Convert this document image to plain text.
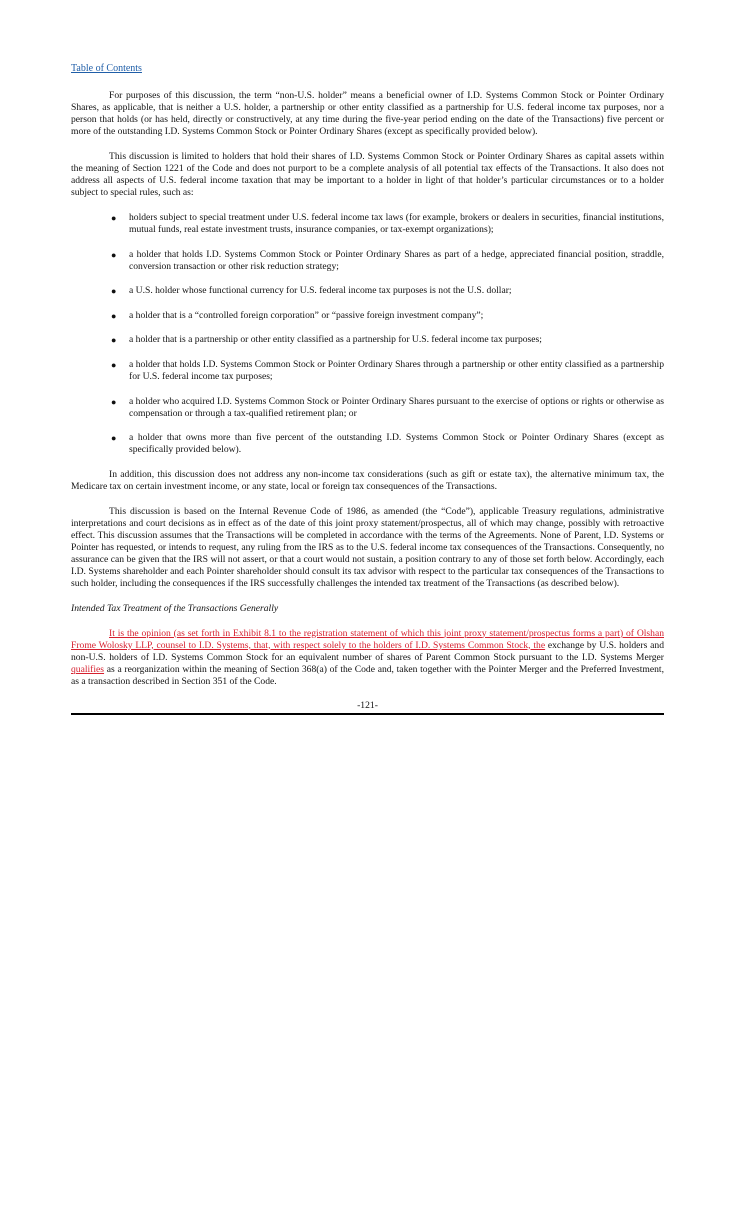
Table of Contents

For purposes of this discussion, the term “non-U.S. holder” means a beneficial owner of I.D. Systems Common Stock or Pointer Ordinary Shares, as applicable, that is neither a U.S. holder, a partnership or other entity classified as a partnership for U.S. federal income tax purposes, nor a person that holds (or has held, directly or constructively, at any time during the five-year period ending on the date of the Transactions) five percent or more of the outstanding I.D. Systems Common Stock or Pointer Ordinary Shares (except as specifically provided below).

This discussion is limited to holders that hold their shares of I.D. Systems Common Stock or Pointer Ordinary Shares as capital assets within the meaning of Section 1221 of the Code and does not purport to be a complete analysis of all potential tax effects of the Transactions. It also does not address all aspects of U.S. federal income taxation that may be important to a holder in light of that holder’s particular circumstances or to a holder subject to special rules, such as:

● holders subject to special treatment under U.S. federal income tax laws (for example, brokers or dealers in securities, financial institutions, mutual funds, real estate investment trusts, insurance companies, or tax-exempt organizations);
● a holder that holds I.D. Systems Common Stock or Pointer Ordinary Shares as part of a hedge, appreciated financial position, straddle, conversion transaction or other risk reduction strategy;
● a U.S. holder whose functional currency for U.S. federal income tax purposes is not the U.S. dollar;
● a holder that is a “controlled foreign corporation” or “passive foreign investment company”;
● a holder that is a partnership or other entity classified as a partnership for U.S. federal income tax purposes;
● a holder that holds I.D. Systems Common Stock or Pointer Ordinary Shares through a partnership or other entity classified as a partnership for U.S. federal income tax purposes;
● a holder who acquired I.D. Systems Common Stock or Pointer Ordinary Shares pursuant to the exercise of options or rights or otherwise as compensation or through a tax-qualified retirement plan; or
● a holder that owns more than five percent of the outstanding I.D. Systems Common Stock or Pointer Ordinary Shares (except as specifically provided below).

In addition, this discussion does not address any non-income tax considerations (such as gift or estate tax), the alternative minimum tax, the Medicare tax on certain investment income, or any state, local or foreign tax consequences of the Transactions.

This discussion is based on the Internal Revenue Code of 1986, as amended (the “Code”), applicable Treasury regulations, administrative interpretations and court decisions as in effect as of the date of this joint proxy statement/prospectus, all of which may change, possibly with retroactive effect. This discussion assumes that the Transactions will be completed in accordance with the terms of the Agreements. None of Parent, I.D. Systems or Pointer has requested, or intends to request, any ruling from the IRS as to the U.S. federal income tax consequences of the Transactions. Consequently, no assurance can be given that the IRS will not assert, or that a court would not sustain, a position contrary to any of those set forth below. Accordingly, each I.D. Systems shareholder and each Pointer shareholder should consult its tax advisor with respect to the particular tax consequences of the Transactions to such holder, including the consequences if the IRS successfully challenges the intended tax treatment of the Transactions (as described below).

Intended Tax Treatment of the Transactions Generally

It is the opinion (as set forth in Exhibit 8.1 to the registration statement of which this joint proxy statement/prospectus forms a part) of Olshan Frome Wolosky LLP, counsel to I.D. Systems, that, with respect solely to the holders of I.D. Systems Common Stock, the exchange by U.S. holders and non-U.S. holders of I.D. Systems Common Stock for an equivalent number of shares of Parent Common Stock pursuant to the I.D. Systems Merger qualifies as a reorganization within the meaning of Section 368(a) of the Code and, taken together with the Pointer Merger and the Preferred Investment, as a transaction described in Section 351 of the Code.

-121-
